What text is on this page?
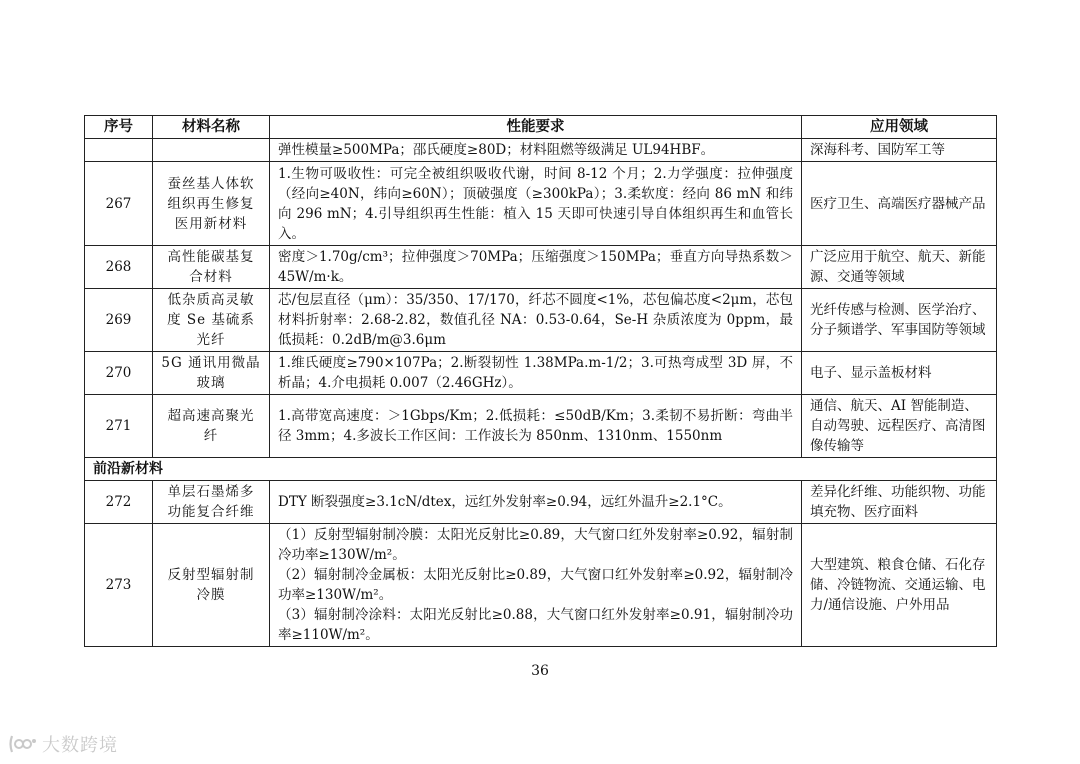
序号	材料名称	性能要求	应用领域
		弹性模量≥500MPa；邵氏硬度≥80D；材料阻燃等级满足 UL94HBF。	深海科考、国防军工等
267	蚕丝基人体软组织再生修复医用新材料	1.生物可吸收性：可完全被组织吸收代谢，时间 8-12 个月；2.力学强度：拉伸强度（经向≥40N，纬向≥60N）；顶破强度（≥300kPa）；3.柔软度：经向 86 mN 和纬向 296 mN；4.引导组织再生性能：植入 15 天即可快速引导自体组织再生和血管长入。	医疗卫生、高端医疗器械产品
268	高性能碳基复合材料	密度＞1.70g/cm³；拉伸强度＞70MPa；压缩强度＞150MPa；垂直方向导热系数＞45W/m·k。	广泛应用于航空、航天、新能源、交通等领域
269	低杂质高灵敏度 Se 基硫系光纤	芯/包层直径（μm）：35/350、17/170，纤芯不圆度<1%，芯包偏芯度<2μm，芯包材料折射率：2.68-2.82，数值孔径 NA：0.53-0.64，Se-H 杂质浓度为 0ppm，最低损耗：0.2dB/m@3.6μm	光纤传感与检测、医学治疗、分子频谱学、军事国防等领域
270	5G 通讯用微晶玻璃	1.维氏硬度≥790×107Pa；2.断裂韧性 1.38MPa.m-1/2；3.可热弯成型 3D 屏，不析晶；4.介电损耗 0.007（2.46GHz）。	电子、显示盖板材料
271	超高速高聚光纤	1.高带宽高速度：＞1Gbps/Km；2.低损耗：≤50dB/Km；3.柔韧不易折断：弯曲半径 3mm；4.多波长工作区间：工作波长为 850nm、1310nm、1550nm	通信、航天、AI 智能制造、自动驾驶、远程医疗、高清图像传输等
前沿新材料			
272	单层石墨烯多功能复合纤维	DTY 断裂强度≥3.1cN/dtex，远红外发射率≥0.94，远红外温升≥2.1°C。	差异化纤维、功能织物、功能填充物、医疗面料
273	反射型辐射制冷膜	（1）反射型辐射制冷膜：太阳光反射比≥0.89，大气窗口红外发射率≥0.92，辐射制冷功率≥130W/m²。

（2）辐射制冷金属板：太阳光反射比≥0.89，大气窗口红外发射率≥0.92，辐射制冷功率≥130W/m²。

（3）辐射制冷涂料：太阳光反射比≥0.88，大气窗口红外发射率≥0.91，辐射制冷功率≥110W/m²。	大型建筑、粮食仓储、石化存储、冷链物流、交通运输、电力/通信设施、户外用品
36
大数跨境
